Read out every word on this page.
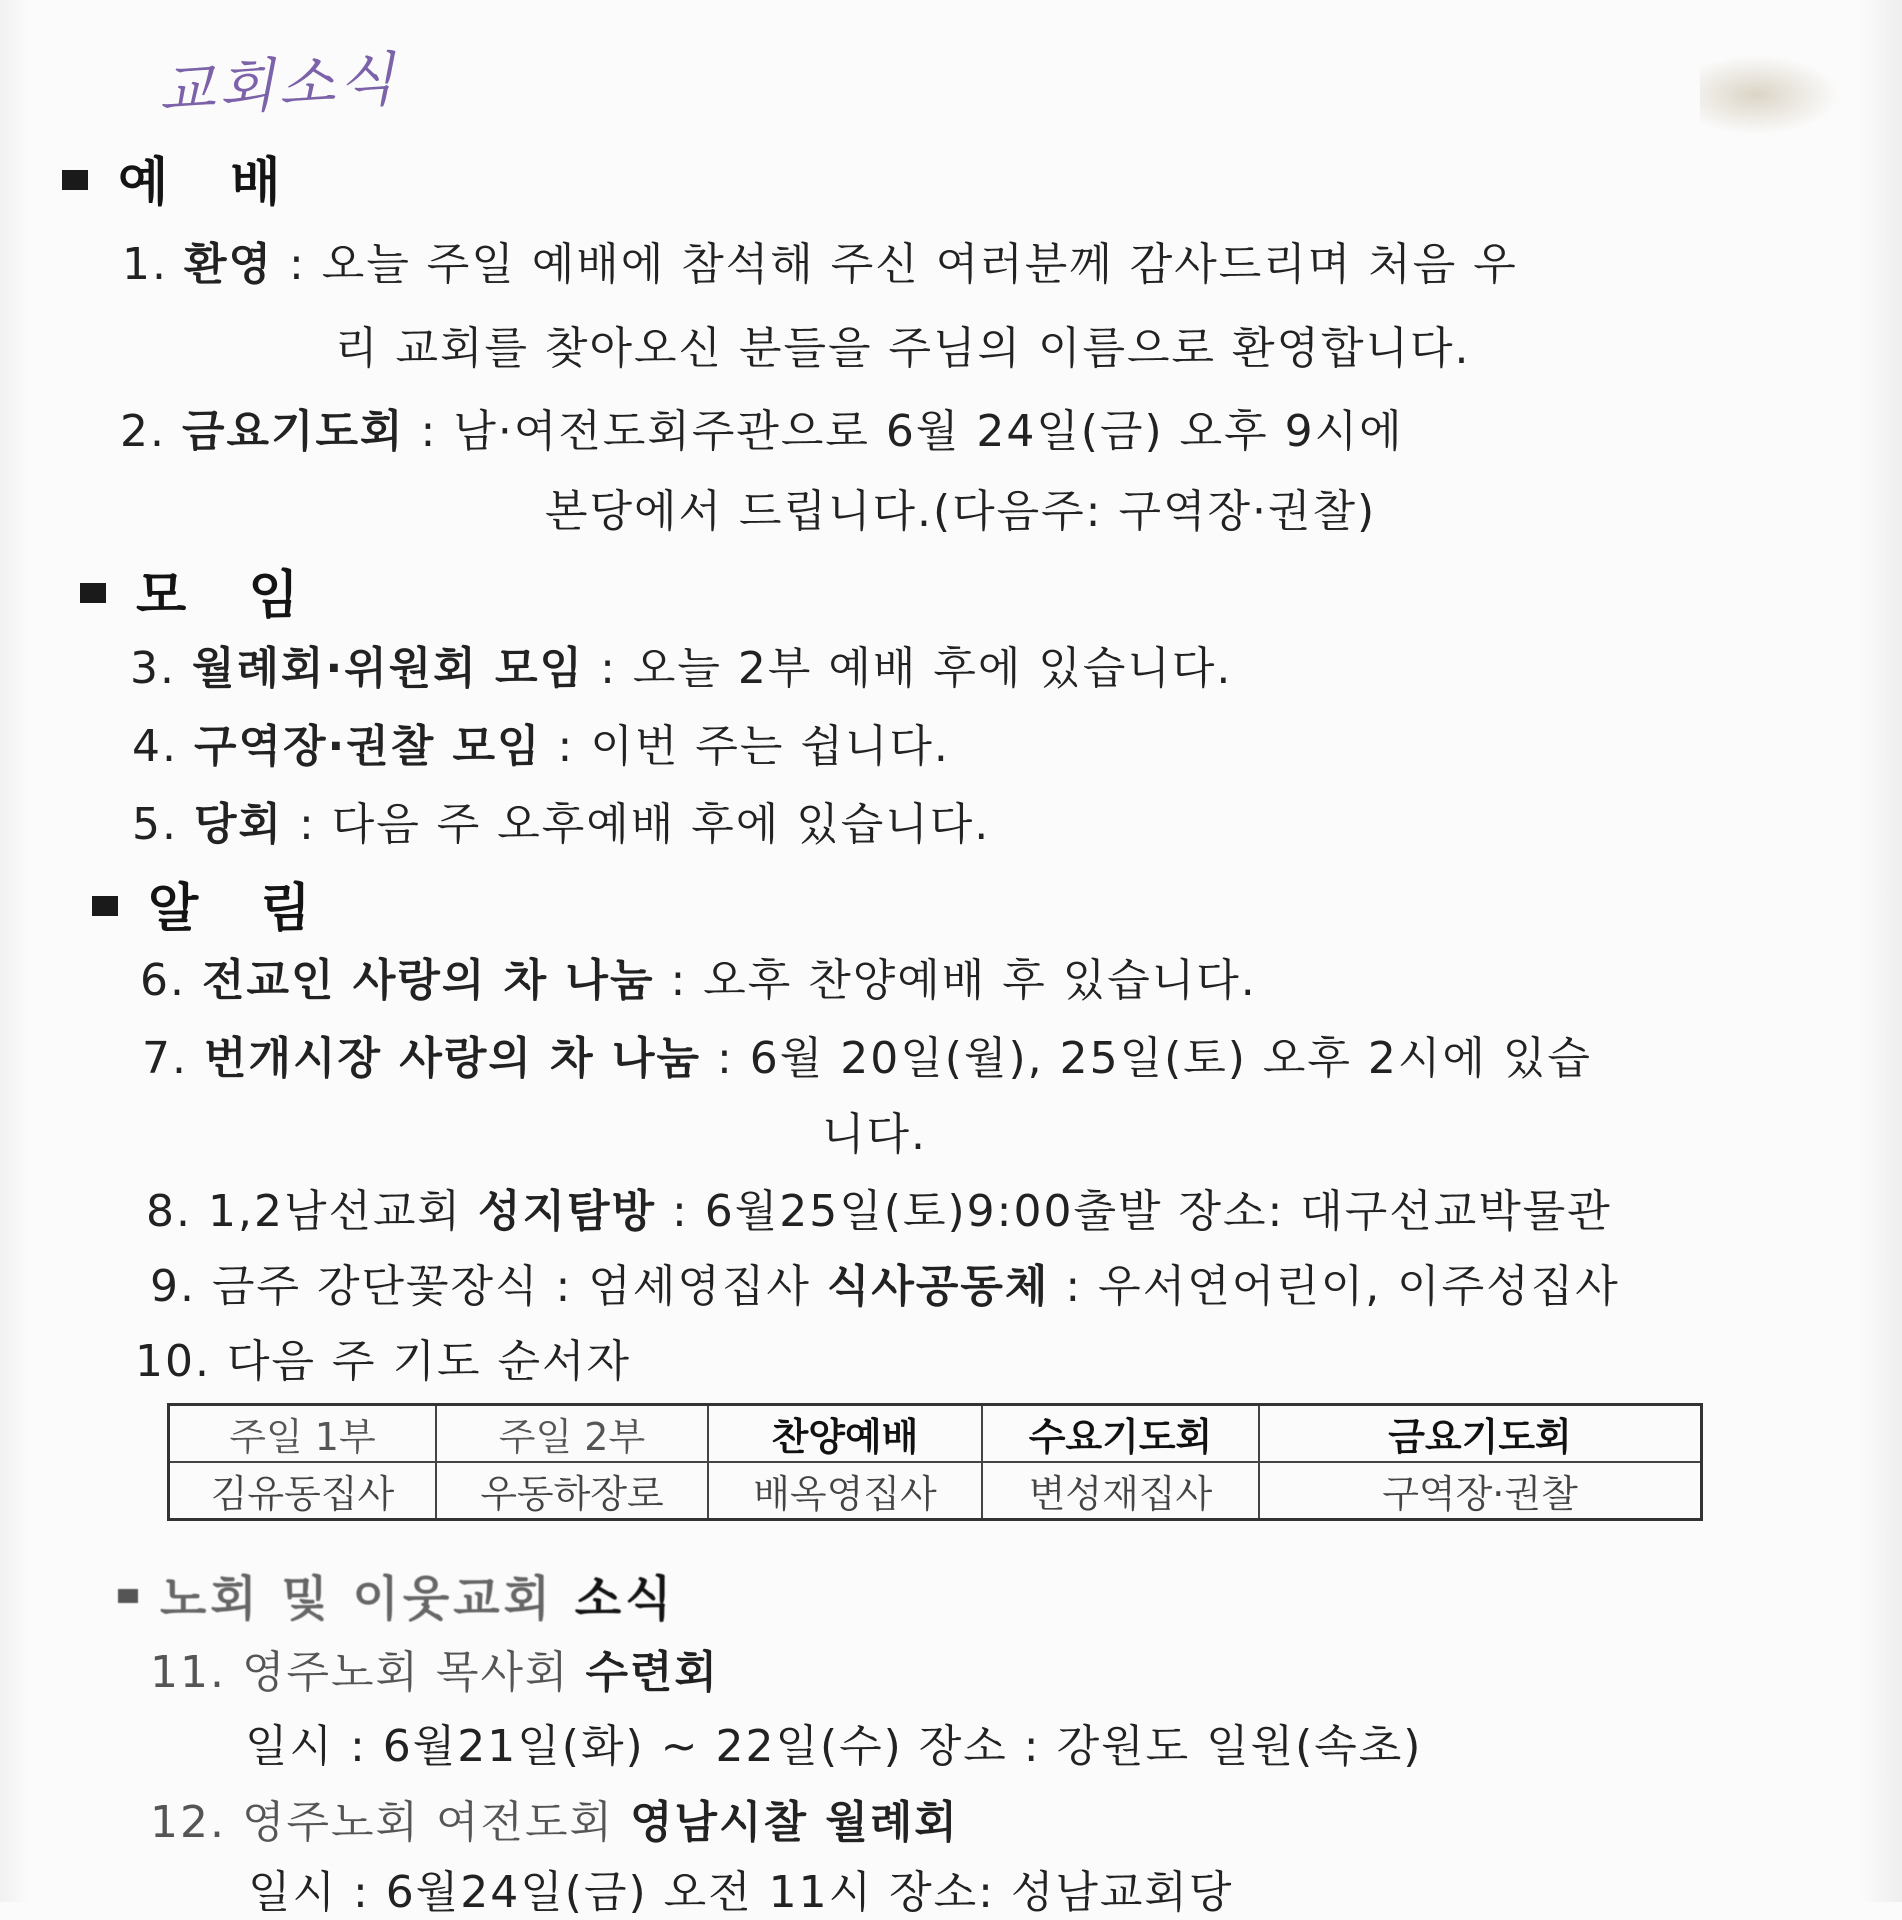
교회소식
예 배
1. 환영 : 오늘 주일 예배에 참석해 주신 여러분께 감사드리며 처음 우
리 교회를 찾아오신 분들을 주님의 이름으로 환영합니다.
2. 금요기도회 : 남·여전도회주관으로 6월 24일(금) 오후 9시에
본당에서 드립니다.(다음주: 구역장·권찰)
모 임
3. 월례회·위원회 모임 : 오늘 2부 예배 후에 있습니다.
4. 구역장·권찰 모임 : 이번 주는 쉽니다.
5. 당회 : 다음 주 오후예배 후에 있습니다.
알 림
6. 전교인 사랑의 차 나눔 : 오후 찬양예배 후 있습니다.
7. 번개시장 사랑의 차 나눔 : 6월 20일(월), 25일(토) 오후 2시에 있습
니다.
8. 1,2남선교회 성지탐방 : 6월25일(토)9:00출발 장소: 대구선교박물관
9. 금주 강단꽃장식 : 엄세영집사 식사공동체 : 우서연어린이, 이주성집사
10. 다음 주 기도 순서자
주일 1부	주일 2부	찬양예배	수요기도회	금요기도회
김유동집사	우동하장로	배옥영집사	변성재집사	구역장·권찰
노회 및 이웃교회 소식
11. 영주노회 목사회 수련회
일시 : 6월21일(화) ~ 22일(수) 장소 : 강원도 일원(속초)
12. 영주노회 여전도회 영남시찰 월례회
일시 : 6월24일(금) 오전 11시 장소: 성남교회당
